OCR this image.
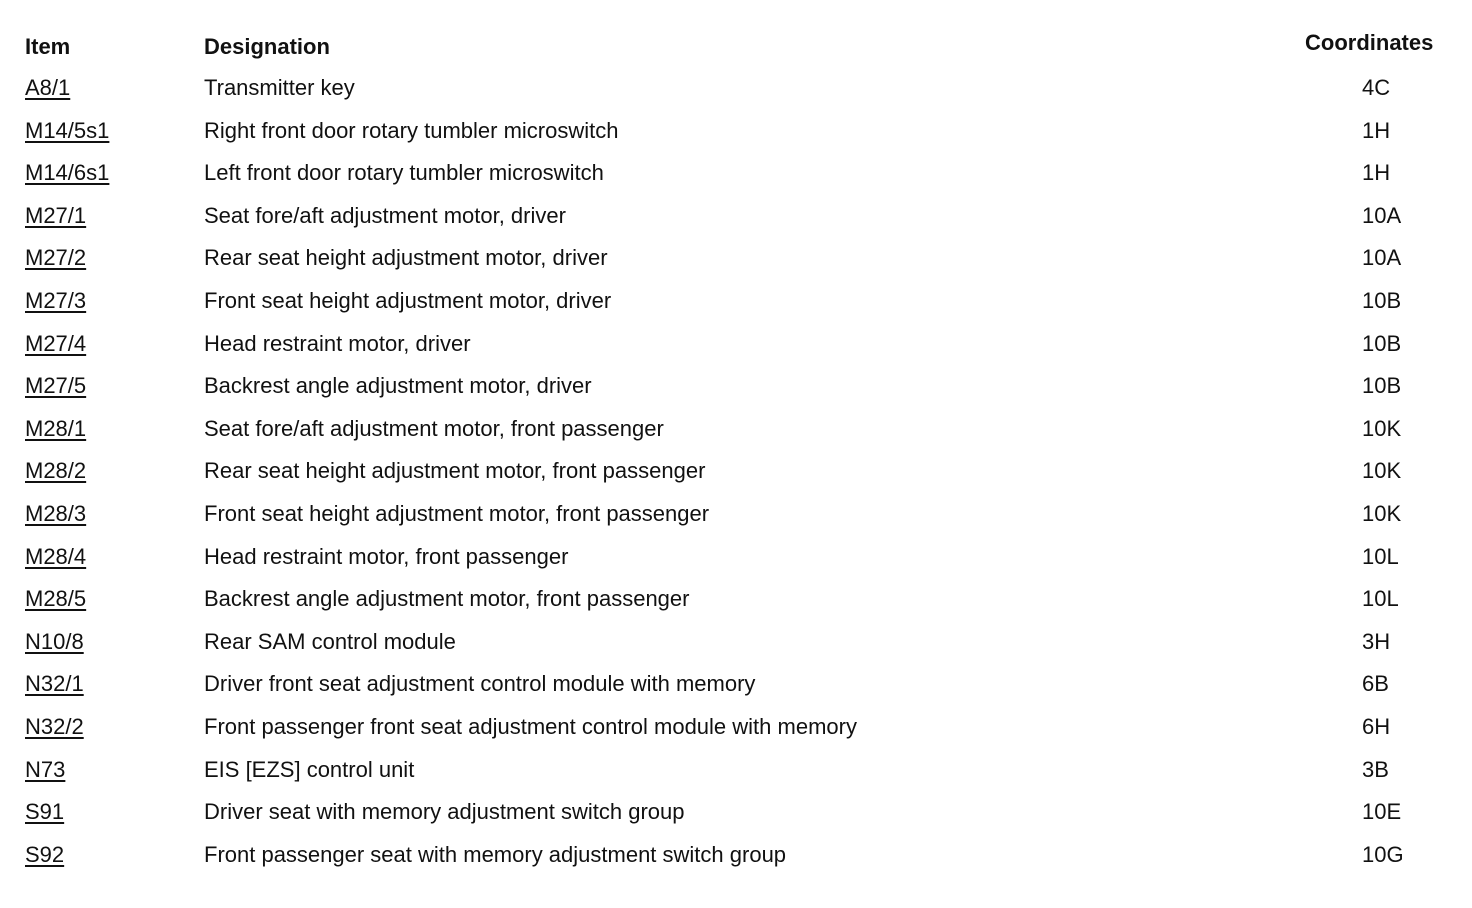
Item	Designation	Coordinates
A8/1	Transmitter key	4C
M14/5s1	Right front door rotary tumbler microswitch	1H
M14/6s1	Left front door rotary tumbler microswitch	1H
M27/1	Seat fore/aft adjustment motor, driver	10A
M27/2	Rear seat height adjustment motor, driver	10A
M27/3	Front seat height adjustment motor, driver	10B
M27/4	Head restraint motor, driver	10B
M27/5	Backrest angle adjustment motor, driver	10B
M28/1	Seat fore/aft adjustment motor, front passenger	10K
M28/2	Rear seat height adjustment motor, front passenger	10K
M28/3	Front seat height adjustment motor, front passenger	10K
M28/4	Head restraint motor, front passenger	10L
M28/5	Backrest angle adjustment motor, front passenger	10L
N10/8	Rear SAM control module	3H
N32/1	Driver front seat adjustment control module with memory	6B
N32/2	Front passenger front seat adjustment control module with memory	6H
N73	EIS [EZS] control unit	3B
S91	Driver seat with memory adjustment switch group	10E
S92	Front passenger seat with memory adjustment switch group	10G
